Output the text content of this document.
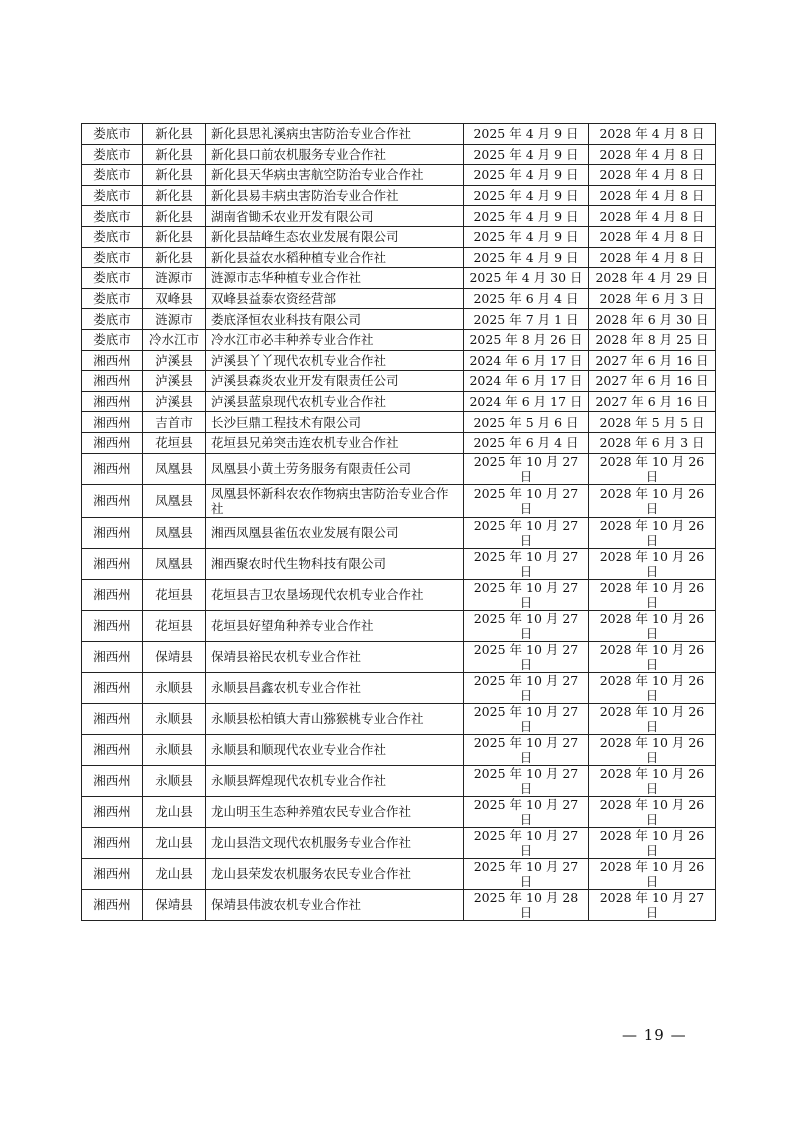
娄底市	新化县	新化县思礼溪病虫害防治专业合作社	2025 年 4 月 9 日	2028 年 4 月 8 日
娄底市	新化县	新化县口前农机服务专业合作社	2025 年 4 月 9 日	2028 年 4 月 8 日
娄底市	新化县	新化县天华病虫害航空防治专业合作社	2025 年 4 月 9 日	2028 年 4 月 8 日
娄底市	新化县	新化县易丰病虫害防治专业合作社	2025 年 4 月 9 日	2028 年 4 月 8 日
娄底市	新化县	湖南省锄禾农业开发有限公司	2025 年 4 月 9 日	2028 年 4 月 8 日
娄底市	新化县	新化县喆峰生态农业发展有限公司	2025 年 4 月 9 日	2028 年 4 月 8 日
娄底市	新化县	新化县益农水稻种植专业合作社	2025 年 4 月 9 日	2028 年 4 月 8 日
娄底市	涟源市	涟源市志华种植专业合作社	2025 年 4 月 30 日	2028 年 4 月 29 日
娄底市	双峰县	双峰县益泰农资经营部	2025 年 6 月 4 日	2028 年 6 月 3 日
娄底市	涟源市	娄底泽恒农业科技有限公司	2025 年 7 月 1 日	2028 年 6 月 30 日
娄底市	冷水江市	冷水江市必丰种养专业合作社	2025 年 8 月 26 日	2028 年 8 月 25 日
湘西州	泸溪县	泸溪县丫丫现代农机专业合作社	2024 年 6 月 17 日	2027 年 6 月 16 日
湘西州	泸溪县	泸溪县森炎农业开发有限责任公司	2024 年 6 月 17 日	2027 年 6 月 16 日
湘西州	泸溪县	泸溪县蓝泉现代农机专业合作社	2024 年 6 月 17 日	2027 年 6 月 16 日
湘西州	吉首市	长沙巨鼎工程技术有限公司	2025 年 5 月 6 日	2028 年 5 月 5 日
湘西州	花垣县	花垣县兄弟突击连农机专业合作社	2025 年 6 月 4 日	2028 年 6 月 3 日
湘西州	凤凰县	凤凰县小黄土劳务服务有限责任公司	2025 年 10 月 27 日	2028 年 10 月 26 日
湘西州	凤凰县	凤凰县怀新科农农作物病虫害防治专业合作社	2025 年 10 月 27 日	2028 年 10 月 26 日
湘西州	凤凰县	湘西凤凰县雀伍农业发展有限公司	2025 年 10 月 27 日	2028 年 10 月 26 日
湘西州	凤凰县	湘西聚农时代生物科技有限公司	2025 年 10 月 27 日	2028 年 10 月 26 日
湘西州	花垣县	花垣县吉卫农垦场现代农机专业合作社	2025 年 10 月 27 日	2028 年 10 月 26 日
湘西州	花垣县	花垣县好望角种养专业合作社	2025 年 10 月 27 日	2028 年 10 月 26 日
湘西州	保靖县	保靖县裕民农机专业合作社	2025 年 10 月 27 日	2028 年 10 月 26 日
湘西州	永顺县	永顺县昌鑫农机专业合作社	2025 年 10 月 27 日	2028 年 10 月 26 日
湘西州	永顺县	永顺县松柏镇大青山猕猴桃专业合作社	2025 年 10 月 27 日	2028 年 10 月 26 日
湘西州	永顺县	永顺县和顺现代农业专业合作社	2025 年 10 月 27 日	2028 年 10 月 26 日
湘西州	永顺县	永顺县辉煌现代农机专业合作社	2025 年 10 月 27 日	2028 年 10 月 26 日
湘西州	龙山县	龙山明玉生态种养殖农民专业合作社	2025 年 10 月 27 日	2028 年 10 月 26 日
湘西州	龙山县	龙山县浩文现代农机服务专业合作社	2025 年 10 月 27 日	2028 年 10 月 26 日
湘西州	龙山县	龙山县荣发农机服务农民专业合作社	2025 年 10 月 27 日	2028 年 10 月 26 日
湘西州	保靖县	保靖县伟波农机专业合作社	2025 年 10 月 28 日	2028 年 10 月 27 日
— 19 —
